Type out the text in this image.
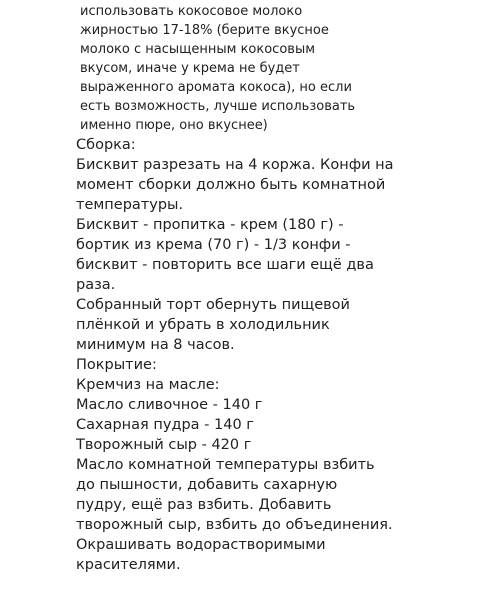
использовать кокосовое молоко
жирностью 17-18% (берите вкусное
молоко с насыщенным кокосовым
вкусом, иначе у крема не будет
выраженного аромата кокоса), но если
есть возможность, лучше использовать
именно пюре, оно вкуснее)
Сборка:
Бисквит разрезать на 4 коржа. Конфи на
момент сборки должно быть комнатной
температуры.
Бисквит - пропитка - крем (180 г) -
бортик из крема (70 г) - 1/3 конфи -
бисквит - повторить все шаги ещё два
раза.
Собранный торт обернуть пищевой
плёнкой и убрать в холодильник
минимум на 8 часов.
Покрытие:
Кремчиз на масле:
Масло сливочное - 140 г
Сахарная пудра - 140 г
Творожный сыр - 420 г
Масло комнатной температуры взбить
до пышности, добавить сахарную
пудру, ещё раз взбить. Добавить
творожный сыр, взбить до объединения.
Окрашивать водорастворимыми
красителями.
